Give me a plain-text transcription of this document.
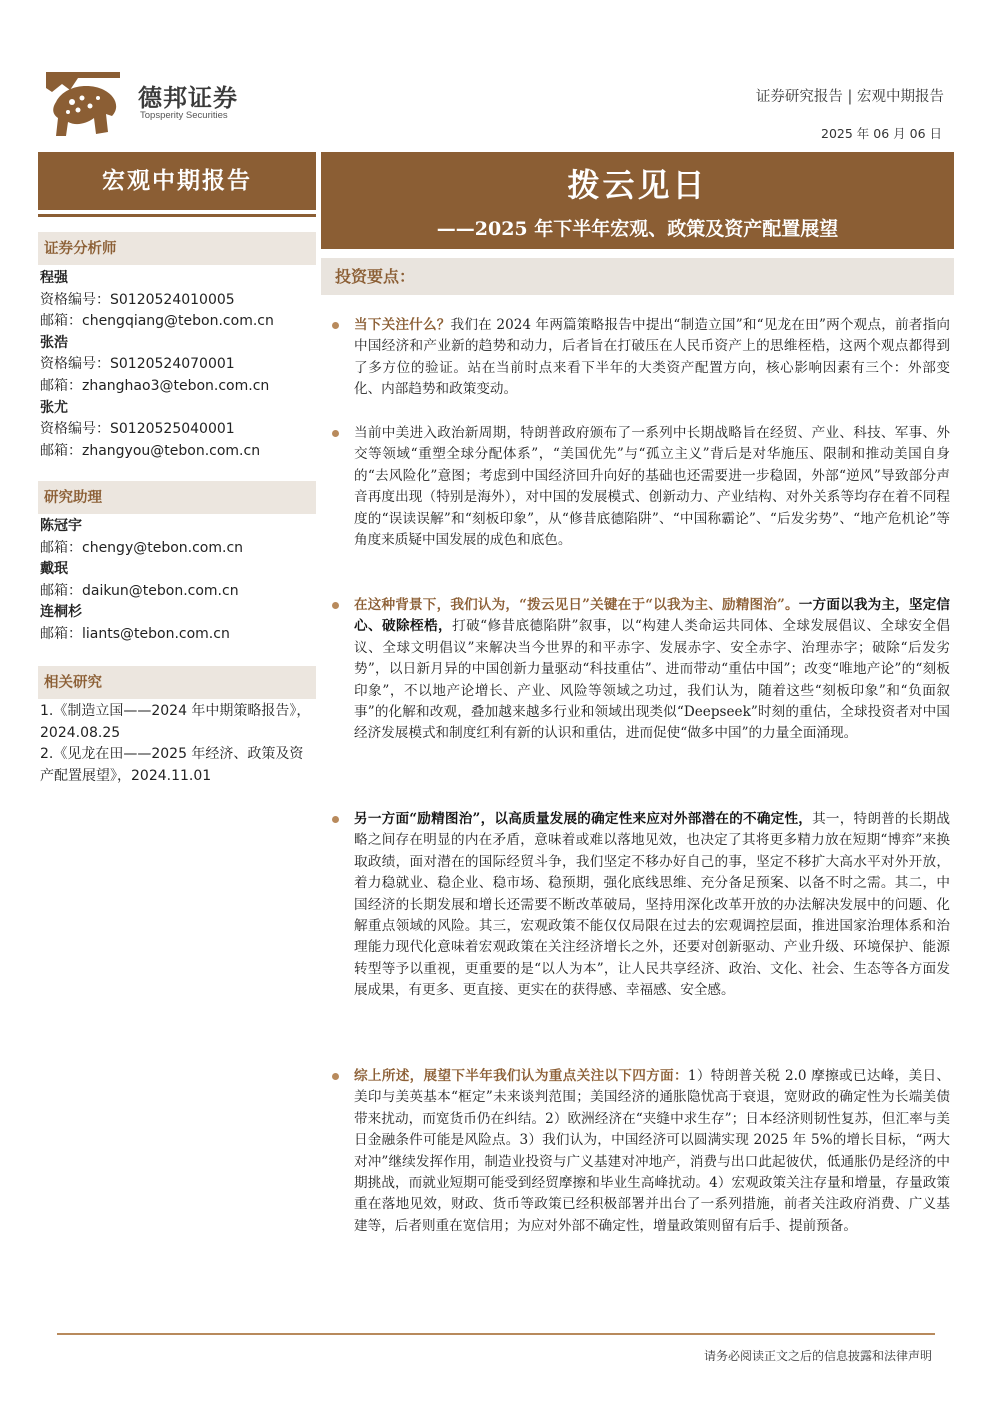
德邦证券
Topsperity Securities
证券研究报告 | 宏观中期报告
2025 年 06 月 06 日
宏观中期报告	拨云见日
——2025 年下半年宏观、政策及资产配置展望
证券分析师
程强
资格编号：S0120524010005
邮箱：chengqiang@tebon.com.cn
张浩
资格编号：S0120524070001
邮箱：zhanghao3@tebon.com.cn
张尤
资格编号：S0120525040001
邮箱：zhangyou@tebon.com.cn
研究助理
陈冠宇
邮箱：chengy@tebon.com.cn
戴珉
邮箱：daikun@tebon.com.cn
连桐杉
邮箱：liants@tebon.com.cn
相关研究
1.《制造立国——2024 年中期策略报告》，2024.08.25
2.《见龙在田——2025 年经济、政策及资产配置展望》，2024.11.01
投资要点：
当下关注什么？我们在 2024 年两篇策略报告中提出“制造立国”和“见龙在田”两个观点，前者指向中国经济和产业新的趋势和动力，后者旨在打破压在人民币资产上的思维桎梏，这两个观点都得到了多方位的验证。站在当前时点来看下半年的大类资产配置方向，核心影响因素有三个：外部变化、内部趋势和政策变动。
当前中美进入政治新周期，特朗普政府颁布了一系列中长期战略旨在经贸、产业、科技、军事、外交等领域“重塑全球分配体系”，“美国优先”与“孤立主义”背后是对华施压、限制和推动美国自身的“去风险化”意图；考虑到中国经济回升向好的基础也还需要进一步稳固，外部“逆风”导致部分声音再度出现（特别是海外），对中国的发展模式、创新动力、产业结构、对外关系等均存在着不同程度的“误读误解”和“刻板印象”，从“修昔底德陷阱”、“中国称霸论”、“后发劣势”、“地产危机论”等角度来质疑中国发展的成色和底色。
在这种背景下，我们认为，“拨云见日”关键在于“以我为主、励精图治”。一方面以我为主，坚定信心、破除桎梏，打破“修昔底德陷阱”叙事，以“构建人类命运共同体、全球发展倡议、全球安全倡议、全球文明倡议”来解决当今世界的和平赤字、发展赤字、安全赤字、治理赤字；破除“后发劣势”，以日新月异的中国创新力量驱动“科技重估”、进而带动“重估中国”；改变“唯地产论”的“刻板印象”，不以地产论增长、产业、风险等领域之功过，我们认为，随着这些“刻板印象”和“负面叙事”的化解和改观，叠加越来越多行业和领域出现类似“Deepseek”时刻的重估，全球投资者对中国经济发展模式和制度红利有新的认识和重估，进而促使“做多中国”的力量全面涌现。
另一方面“励精图治”，以高质量发展的确定性来应对外部潜在的不确定性，其一，特朗普的长期战略之间存在明显的内在矛盾，意味着或难以落地见效，也决定了其将更多精力放在短期“博弈”来换取政绩，面对潜在的国际经贸斗争，我们坚定不移办好自己的事，坚定不移扩大高水平对外开放，着力稳就业、稳企业、稳市场、稳预期，强化底线思维、充分备足预案、以备不时之需。其二，中国经济的长期发展和增长还需要不断改革破局，坚持用深化改革开放的办法解决发展中的问题、化解重点领域的风险。其三，宏观政策不能仅仅局限在过去的宏观调控层面，推进国家治理体系和治理能力现代化意味着宏观政策在关注经济增长之外，还要对创新驱动、产业升级、环境保护、能源转型等予以重视，更重要的是“以人为本”，让人民共享经济、政治、文化、社会、生态等各方面发展成果，有更多、更直接、更实在的获得感、幸福感、安全感。
综上所述，展望下半年我们认为重点关注以下四方面：1）特朗普关税 2.0 摩擦或已达峰，美日、美印与美英基本“框定”未来谈判范围；美国经济的通胀隐忧高于衰退，宽财政的确定性为长端美债带来扰动，而宽货币仍在纠结。2）欧洲经济在“夹缝中求生存”；日本经济则韧性复苏，但汇率与美日金融条件可能是风险点。3）我们认为，中国经济可以圆满实现 2025 年 5%的增长目标，“两大对冲”继续发挥作用，制造业投资与广义基建对冲地产，消费与出口此起彼伏，低通胀仍是经济的中期挑战，而就业短期可能受到经贸摩擦和毕业生高峰扰动。4）宏观政策关注存量和增量，存量政策重在落地见效，财政、货币等政策已经积极部署并出台了一系列措施，前者关注政府消费、广义基建等，后者则重在宽信用；为应对外部不确定性，增量政策则留有后手、提前预备。
请务必阅读正文之后的信息披露和法律声明
